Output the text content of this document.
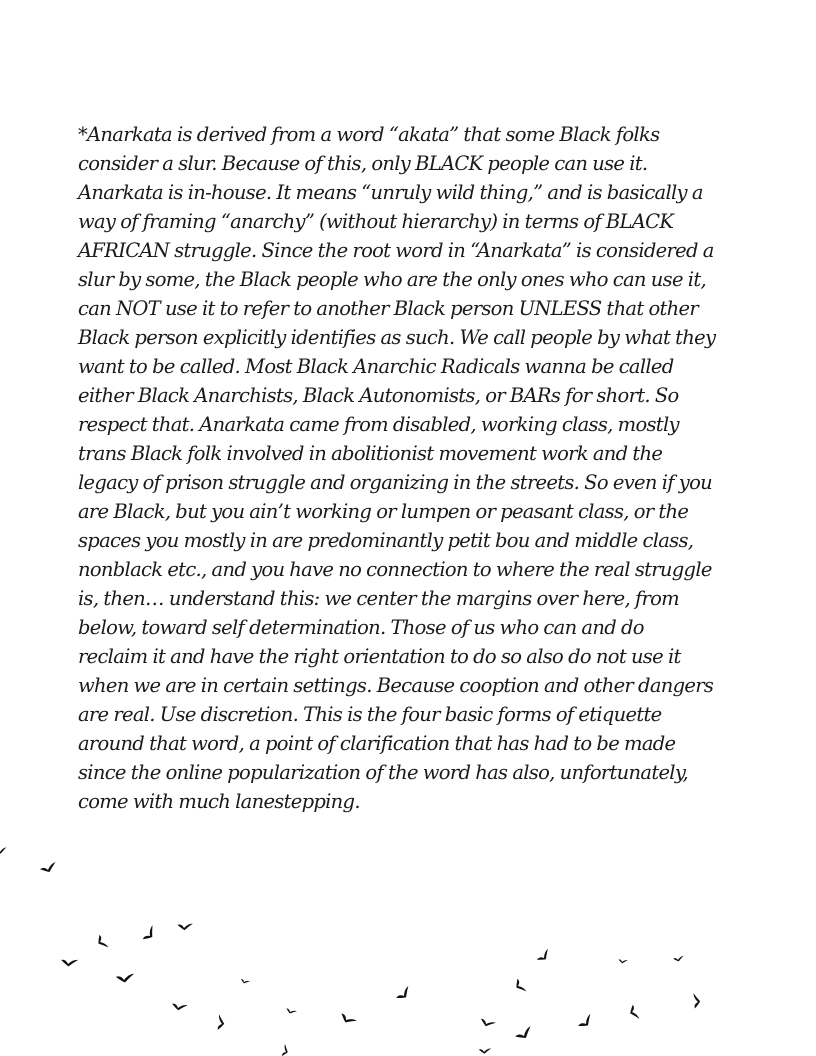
*Anarkata is derived from a word “akata” that some Black folks
consider a slur. Because of this, only BLACK people can use it.
Anarkata is in-house. It means “unruly wild thing,” and is basically a
way of framing “anarchy” (without hierarchy) in terms of BLACK
AFRICAN struggle. Since the root word in “Anarkata” is considered a
slur by some, the Black people who are the only ones who can use it,
can NOT use it to refer to another Black person UNLESS that other
Black person explicitly identifies as such. We call people by what they
want to be called. Most Black Anarchic Radicals wanna be called
either Black Anarchists, Black Autonomists, or BARs for short. So
respect that. Anarkata came from disabled, working class, mostly
trans Black folk involved in abolitionist movement work and the
legacy of prison struggle and organizing in the streets. So even if you
are Black, but you ain’t working or lumpen or peasant class, or the
spaces you mostly in are predominantly petit bou and middle class,
nonblack etc., and you have no connection to where the real struggle
is, then… understand this: we center the margins over here, from
below, toward self determination. Those of us who can and do
reclaim it and have the right orientation to do so also do not use it
when we are in certain settings. Because cooption and other dangers
are real. Use discretion. This is the four basic forms of etiquette
around that word, a point of clarification that has had to be made
since the online popularization of the word has also, unfortunately,
come with much lanestepping.
